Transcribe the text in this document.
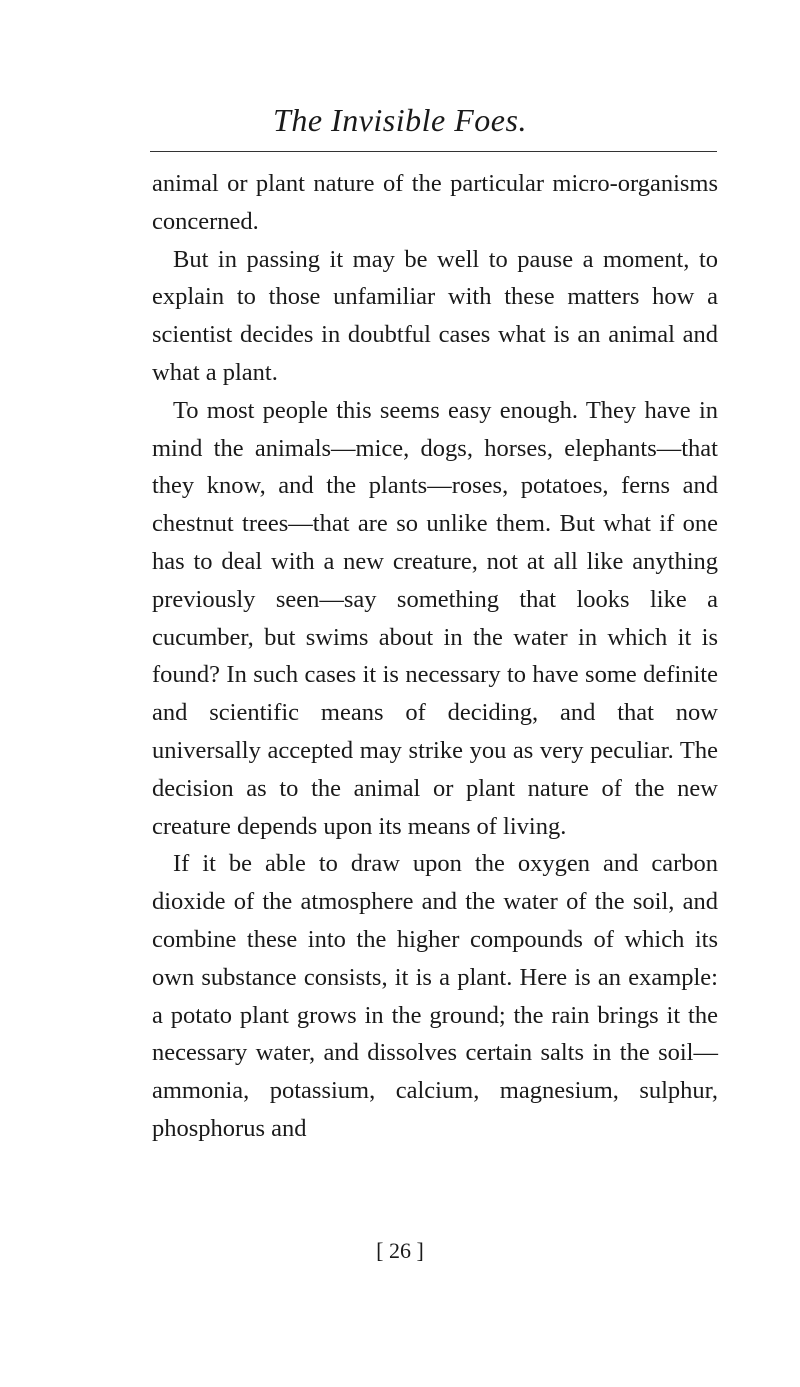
The Invisible Foes.

animal or plant nature of the particular micro-organisms concerned.

But in passing it may be well to pause a moment, to explain to those unfamiliar with these matters how a scientist decides in doubtful cases what is an animal and what a plant.

To most people this seems easy enough. They have in mind the animals—mice, dogs, horses, elephants—that they know, and the plants—roses, potatoes, ferns and chestnut trees—that are so unlike them. But what if one has to deal with a new creature, not at all like anything previously seen—say something that looks like a cucumber, but swims about in the water in which it is found? In such cases it is necessary to have some definite and scientific means of deciding, and that now universally accepted may strike you as very peculiar. The decision as to the animal or plant nature of the new creature depends upon its means of living.

If it be able to draw upon the oxygen and carbon dioxide of the atmosphere and the water of the soil, and combine these into the higher compounds of which its own substance consists, it is a plant. Here is an example: a potato plant grows in the ground; the rain brings it the necessary water, and dissolves certain salts in the soil—ammonia, potassium, calcium, magnesium, sulphur, phosphorus and

[ 26 ]
